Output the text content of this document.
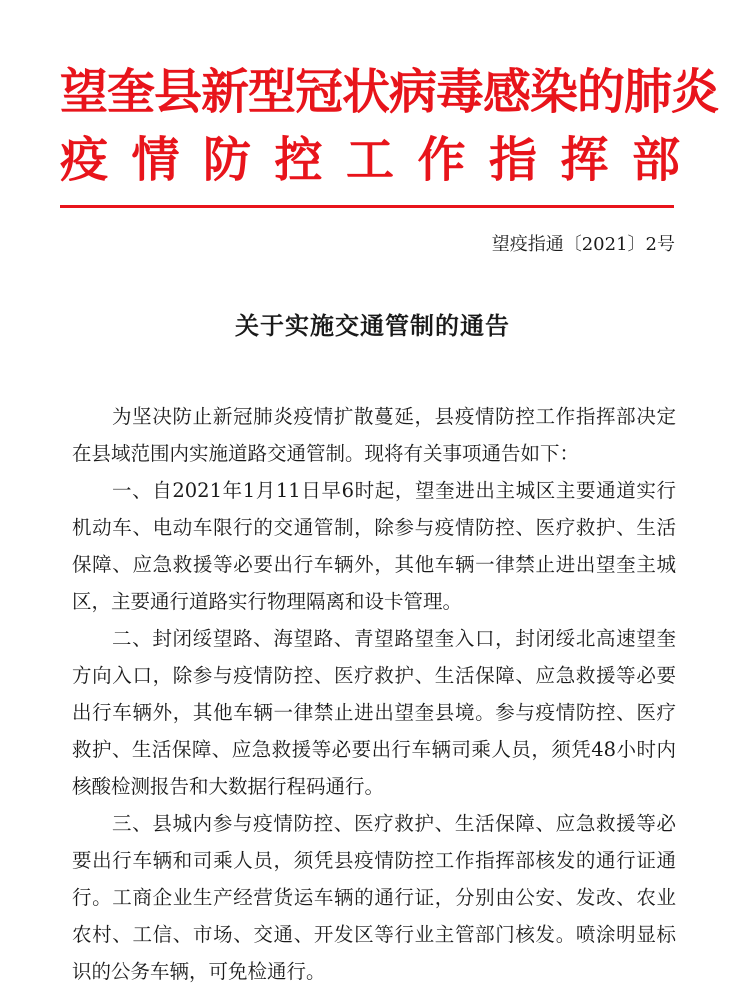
望奎县新型冠状病毒感染的肺炎
疫情防控工作指挥部
望疫指通〔2021〕2号
关于实施交通管制的通告

为坚决防止新冠肺炎疫情扩散蔓延，县疫情防控工作指挥部决定在县域范围内实施道路交通管制。现将有关事项通告如下：

一、自2021年1月11日早6时起，望奎进出主城区主要通道实行机动车、电动车限行的交通管制，除参与疫情防控、医疗救护、生活保障、应急救援等必要出行车辆外，其他车辆一律禁止进出望奎主城区，主要通行道路实行物理隔离和设卡管理。

二、封闭绥望路、海望路、青望路望奎入口，封闭绥北高速望奎方向入口，除参与疫情防控、医疗救护、生活保障、应急救援等必要出行车辆外，其他车辆一律禁止进出望奎县境。参与疫情防控、医疗救护、生活保障、应急救援等必要出行车辆司乘人员，须凭48小时内核酸检测报告和大数据行程码通行。

三、县城内参与疫情防控、医疗救护、生活保障、应急救援等必要出行车辆和司乘人员，须凭县疫情防控工作指挥部核发的通行证通行。工商企业生产经营货运车辆的通行证，分别由公安、发改、农业农村、工信、市场、交通、开发区等行业主管部门核发。喷涂明显标识的公务车辆，可免检通行。
